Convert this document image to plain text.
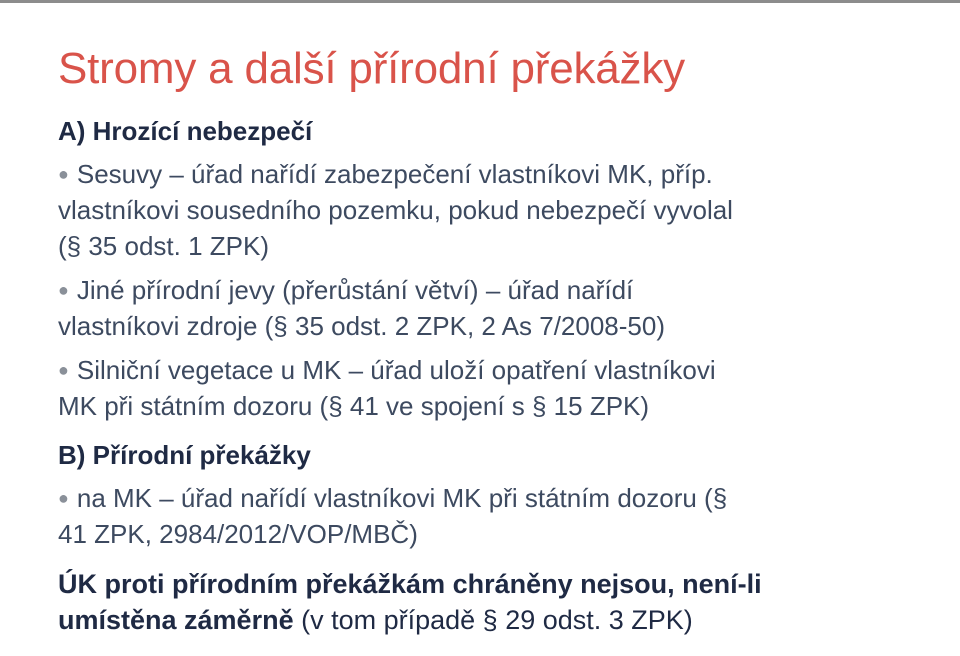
Stromy a další přírodní překážky

A) Hrozící nebezpečí

● Sesuvy – úřad nařídí zabezpečení vlastníkovi MK, příp.

vlastníkovi sousedního pozemku, pokud nebezpečí vyvolal

(§ 35 odst. 1 ZPK)

● Jiné přírodní jevy (přerůstání větví) – úřad nařídí

vlastníkovi zdroje (§ 35 odst. 2 ZPK, 2 As 7/2008-50)

● Silniční vegetace u MK – úřad uloží opatření vlastníkovi

MK při státním dozoru (§ 41 ve spojení s § 15 ZPK)

B) Přírodní překážky

● na MK – úřad nařídí vlastníkovi MK při státním dozoru (§

41 ZPK, 2984/2012/VOP/MBČ)

ÚK proti přírodním překážkám chráněny nejsou, není-li

umístěna záměrně (v tom případě § 29 odst. 3 ZPK)
